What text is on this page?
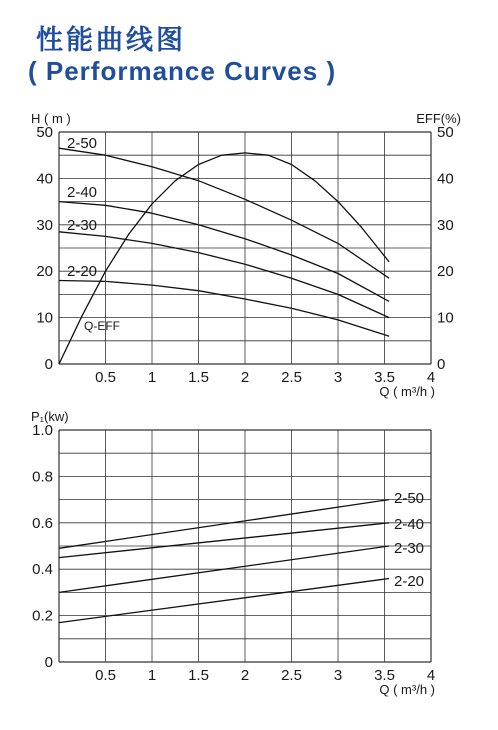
性能曲线图
( Performance Curves )
0.5 1 1.5 2 2.5 3 3.5 4
0
10
20
30
40
50
0
10
20
30
40
50
H ( m )	EFF(%)
Q ( m³/h )
2-50
2-40
2-30
2-20
Q-EFF
0.5 1 1.5 2 2.5 3 3.5 4
0
0.2
0.4
0.6
0.8
1.0
P₁(kw)
Q ( m³/h )
2-50
2-40
2-30
2-20
